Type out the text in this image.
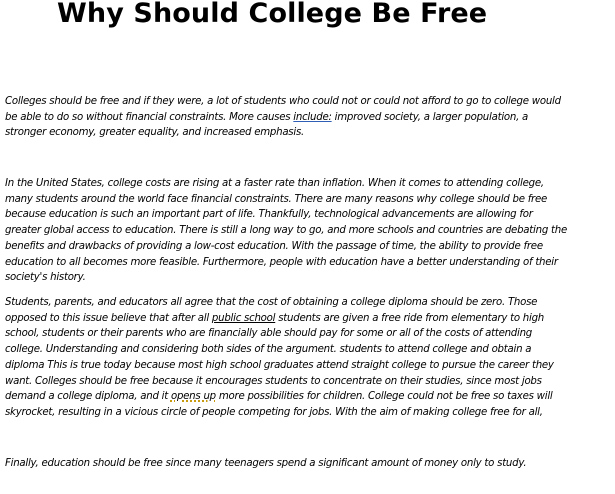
Why Should College Be Free
Colleges should be free and if they were, a lot of students who could not or could not afford to go to college would
be able to do so without financial constraints. More causes include: improved society, a larger population, a
stronger economy, greater equality, and increased emphasis.
In the United States, college costs are rising at a faster rate than inflation. When it comes to attending college,
many students around the world face financial constraints. There are many reasons why college should be free
because education is such an important part of life. Thankfully, technological advancements are allowing for
greater global access to education. There is still a long way to go, and more schools and countries are debating the
benefits and drawbacks of providing a low-cost education. With the passage of time, the ability to provide free
education to all becomes more feasible. Furthermore, people with education have a better understanding of their
society's history.
Students, parents, and educators all agree that the cost of obtaining a college diploma should be zero. Those
opposed to this issue believe that after all public school students are given a free ride from elementary to high
school, students or their parents who are financially able should pay for some or all of the costs of attending
college. Understanding and considering both sides of the argument. students to attend college and obtain a
diploma This is true today because most high school graduates attend straight college to pursue the career they
want. Colleges should be free because it encourages students to concentrate on their studies, since most jobs
demand a college diploma, and it opens up more possibilities for children. College could not be free so taxes will
skyrocket, resulting in a vicious circle of people competing for jobs. With the aim of making college free for all,
Finally, education should be free since many teenagers spend a significant amount of money only to study.
